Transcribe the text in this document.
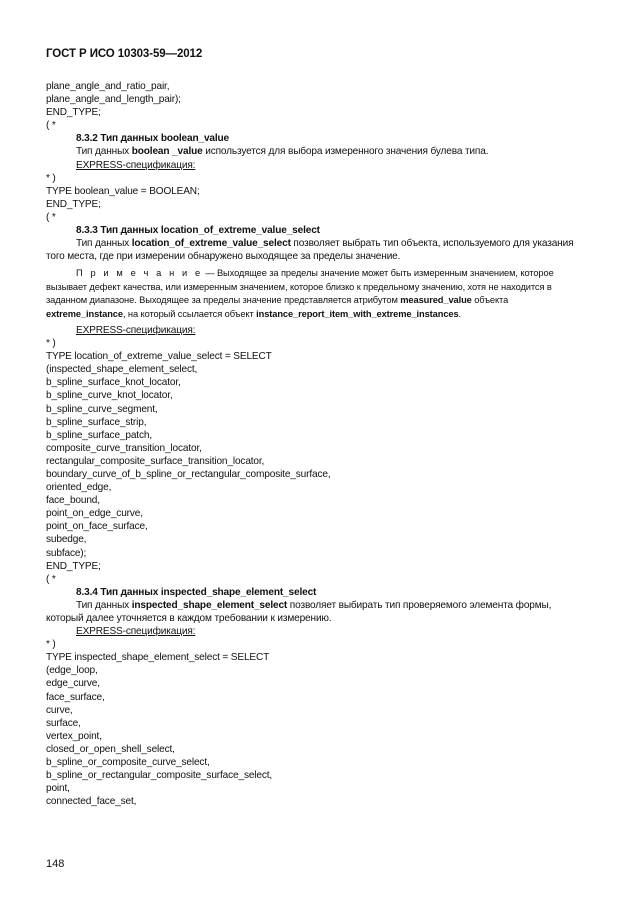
ГОСТ Р ИСО 10303-59—2012
plane_angle_and_ratio_pair,
plane_angle_and_length_pair);
END_TYPE;
( *
8.3.2 Тип данных boolean_value
Тип данных boolean _value используется для выбора измеренного значения булева типа.
EXPRESS-спецификация:
* )
TYPE boolean_value = BOOLEAN;
END_TYPE;
( *
8.3.3 Тип данных location_of_extreme_value_select
Тип данных location_of_extreme_value_select позволяет выбрать тип объекта, используемого для указания того места, где при измерении обнаружено выходящее за пределы значение.
П р и м е ч а н и е — Выходящее за пределы значение может быть измеренным значением, которое вызывает дефект качества, или измеренным значением, которое близко к предельному значению, хотя не находится в заданном диапазоне. Выходящее за пределы значение представляется атрибутом measured_value объекта extreme_instance, на который ссылается объект instance_report_item_with_extreme_instances.
EXPRESS-спецификация:
* )
TYPE location_of_extreme_value_select = SELECT
(inspected_shape_element_select,
b_spline_surface_knot_locator,
b_spline_curve_knot_locator,
b_spline_curve_segment,
b_spline_surface_strip,
b_spline_surface_patch,
composite_curve_transition_locator,
rectangular_composite_surface_transition_locator,
boundary_curve_of_b_spline_or_rectangular_composite_surface,
oriented_edge,
face_bound,
point_on_edge_curve,
point_on_face_surface,
subedge,
subface);
END_TYPE;
( *
8.3.4 Тип данных inspected_shape_element_select
Тип данных inspected_shape_element_select позволяет выбирать тип проверяемого элемента формы, который далее уточняется в каждом требовании к измерению.
EXPRESS-спецификация:
* )
TYPE inspected_shape_element_select = SELECT
(edge_loop,
edge_curve,
face_surface,
curve,
surface,
vertex_point,
closed_or_open_shell_select,
b_spline_or_composite_curve_select,
b_spline_or_rectangular_composite_surface_select,
point,
connected_face_set,
148
